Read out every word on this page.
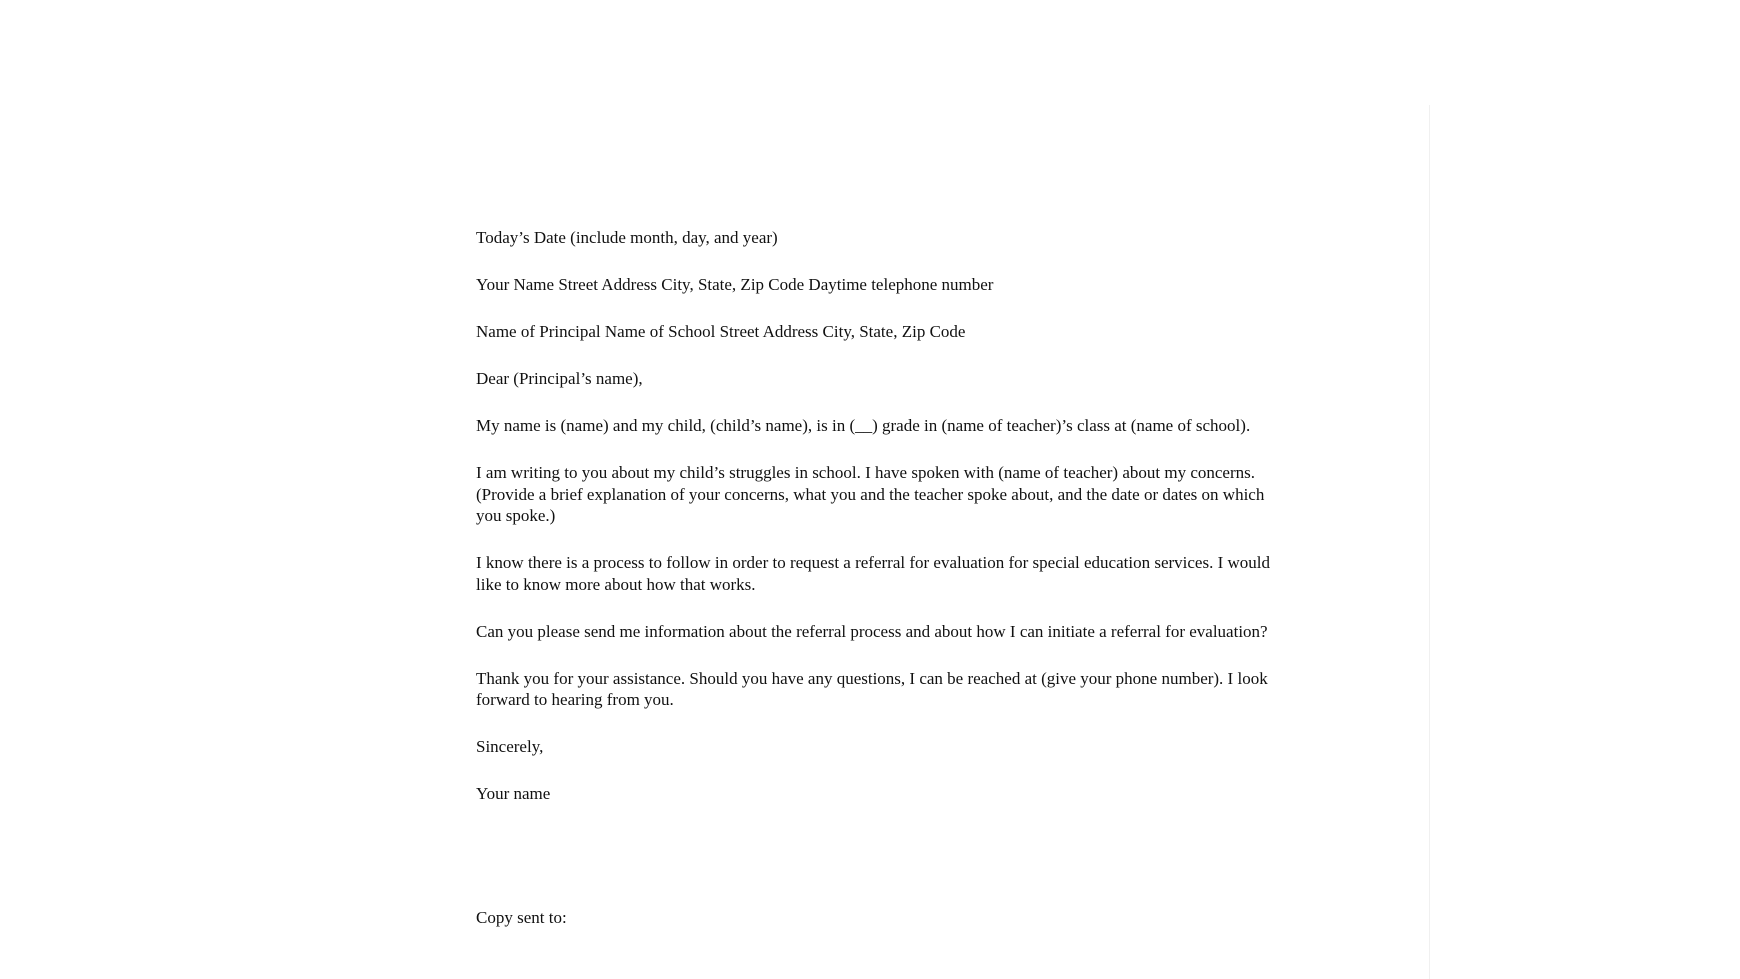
Today’s Date (include month, day, and year)

Your Name Street Address City, State, Zip Code Daytime telephone number

Name of Principal Name of School Street Address City, State, Zip Code

Dear (Principal’s name),

My name is (name) and my child, (child’s name), is in (__) grade in (name of teacher)’s class at (name of school).

I am writing to you about my child’s struggles in school. I have spoken with (name of teacher) about my concerns. (Provide a brief explanation of your concerns, what you and the teacher spoke about, and the date or dates on which you spoke.)

I know there is a process to follow in order to request a referral for evaluation for special education services. I would like to know more about how that works.

Can you please send me information about the referral process and about how I can initiate a referral for evaluation?

Thank you for your assistance. Should you have any questions, I can be reached at (give your phone number). I look forward to hearing from you.

Sincerely,

Your name

Copy sent to:
